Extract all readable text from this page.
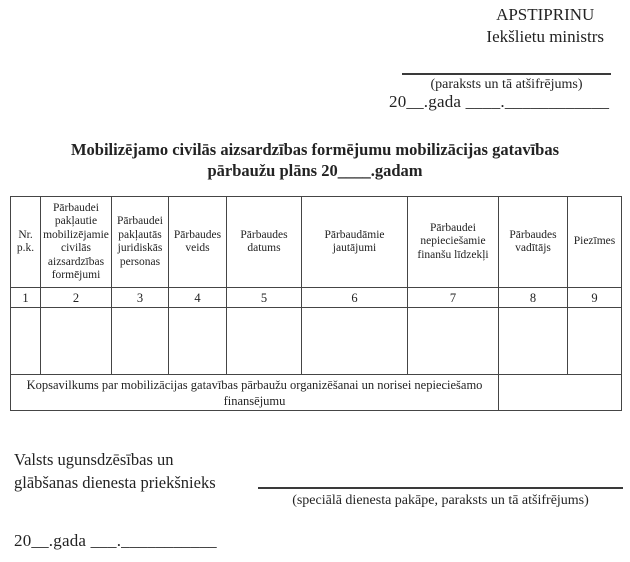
APSTIPRINU
Iekšlietu ministrs
(paraksts un tā atšifrējums)
20__.gada ____.____________
Mobilizējamo civilās aizsardzības formējumu mobilizācijas gatavības
pārbaužu plāns 20____.gadam
Nr. p.k.	Pārbaudei pakļautie mobilizējamie civilās aizsardzības formējumi	Pārbaudei pakļautās juridiskās personas	Pārbaudes veids	Pārbaudes datums	Pārbaudāmie jautājumi	Pārbaudei nepieciešamie finanšu līdzekļi	Pārbaudes vadītājs	Piezīmes
1	2	3	4	5	6	7	8	9

Kopsavilkums par mobilizācijas gatavības pārbaužu organizēšanai un norisei nepieciešamo finansējumu								
Valsts ugunsdzēsības un
glābšanas dienesta priekšnieks
(speciālā dienesta pakāpe, paraksts un tā atšifrējums)
20__.gada ___.___________
